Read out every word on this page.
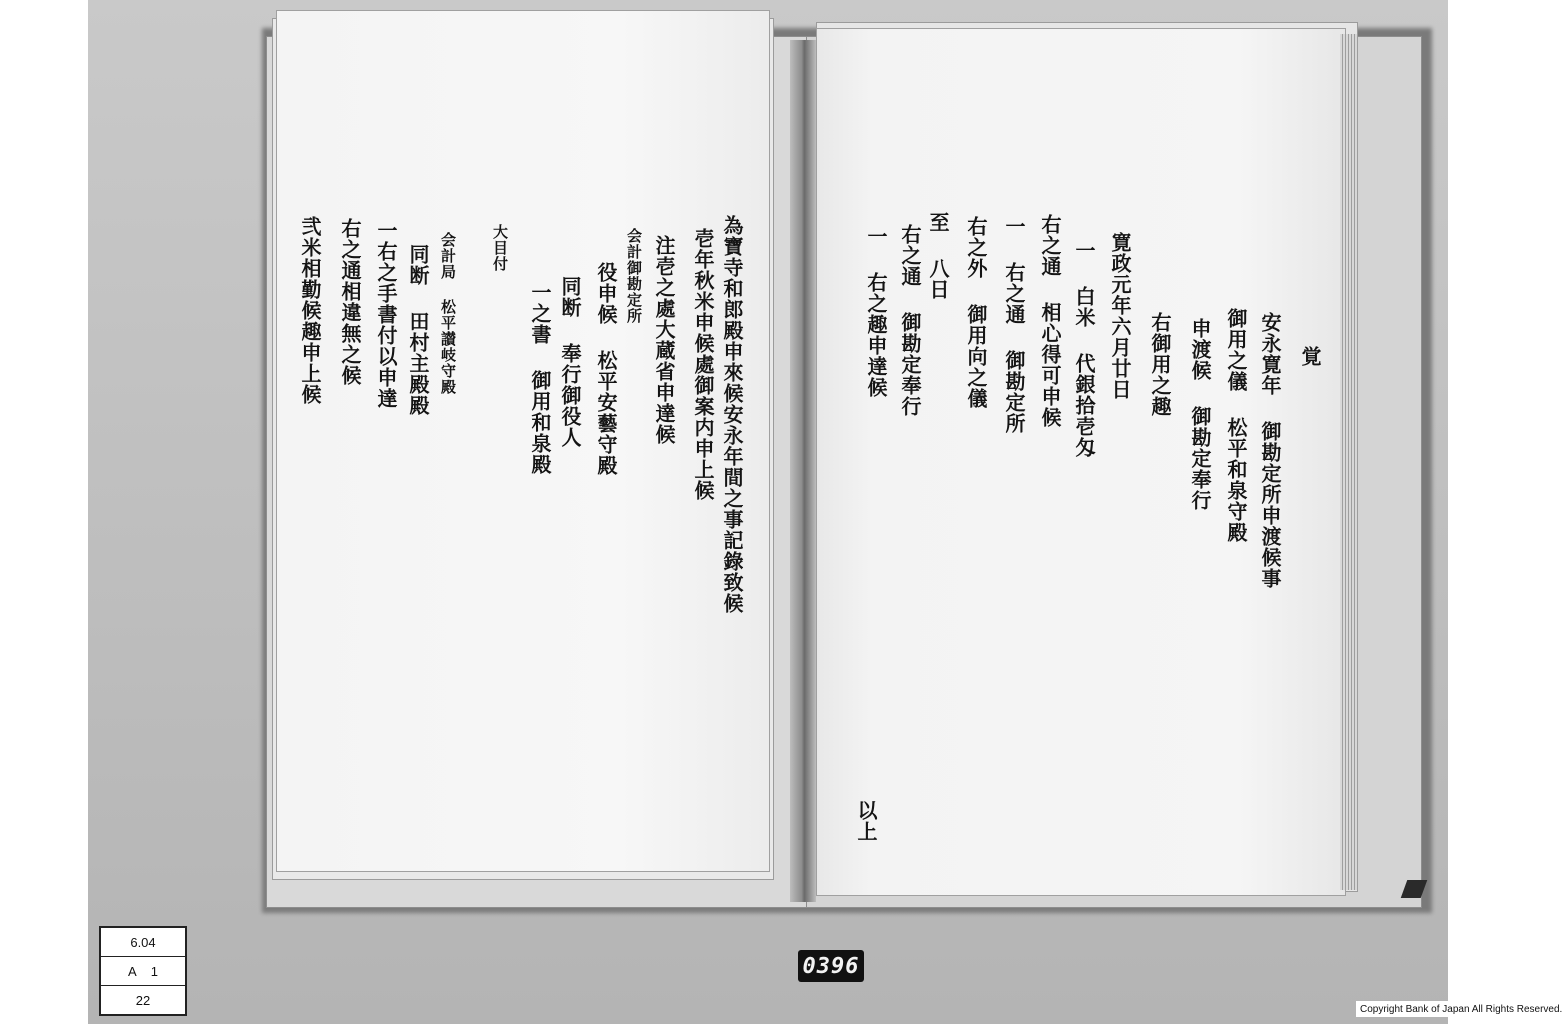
為寶寺和郎殿申來候安永年間之事記錄致候
壱年秋米申候處御案内申上候
注壱之處大蔵省申達候
会計御勘定所
役申候 松平安藝守殿
同断 奉行御役人
一之書 御用和泉殿
大目付
会計局 松平讃岐守殿
同断 田村主殿殿
一右之手書付以申達
右之通相違無之候
弐米相勤候趣申上候	覚
安永寛年 御勘定所申渡候事
御用之儀 松平和泉守殿
申渡候 御勘定奉行
右御用之趣
寛政元年六月廿日
一 白米 代銀拾壱匁
右之通 相心得可申候
一 右之通 御勘定所
右之外 御用向之儀
至 八日
右之通 御勘定奉行
一 右之趣申達候
以上
6.04
A 1
22
0396
Copyright Bank of Japan All Rights Reserved.
